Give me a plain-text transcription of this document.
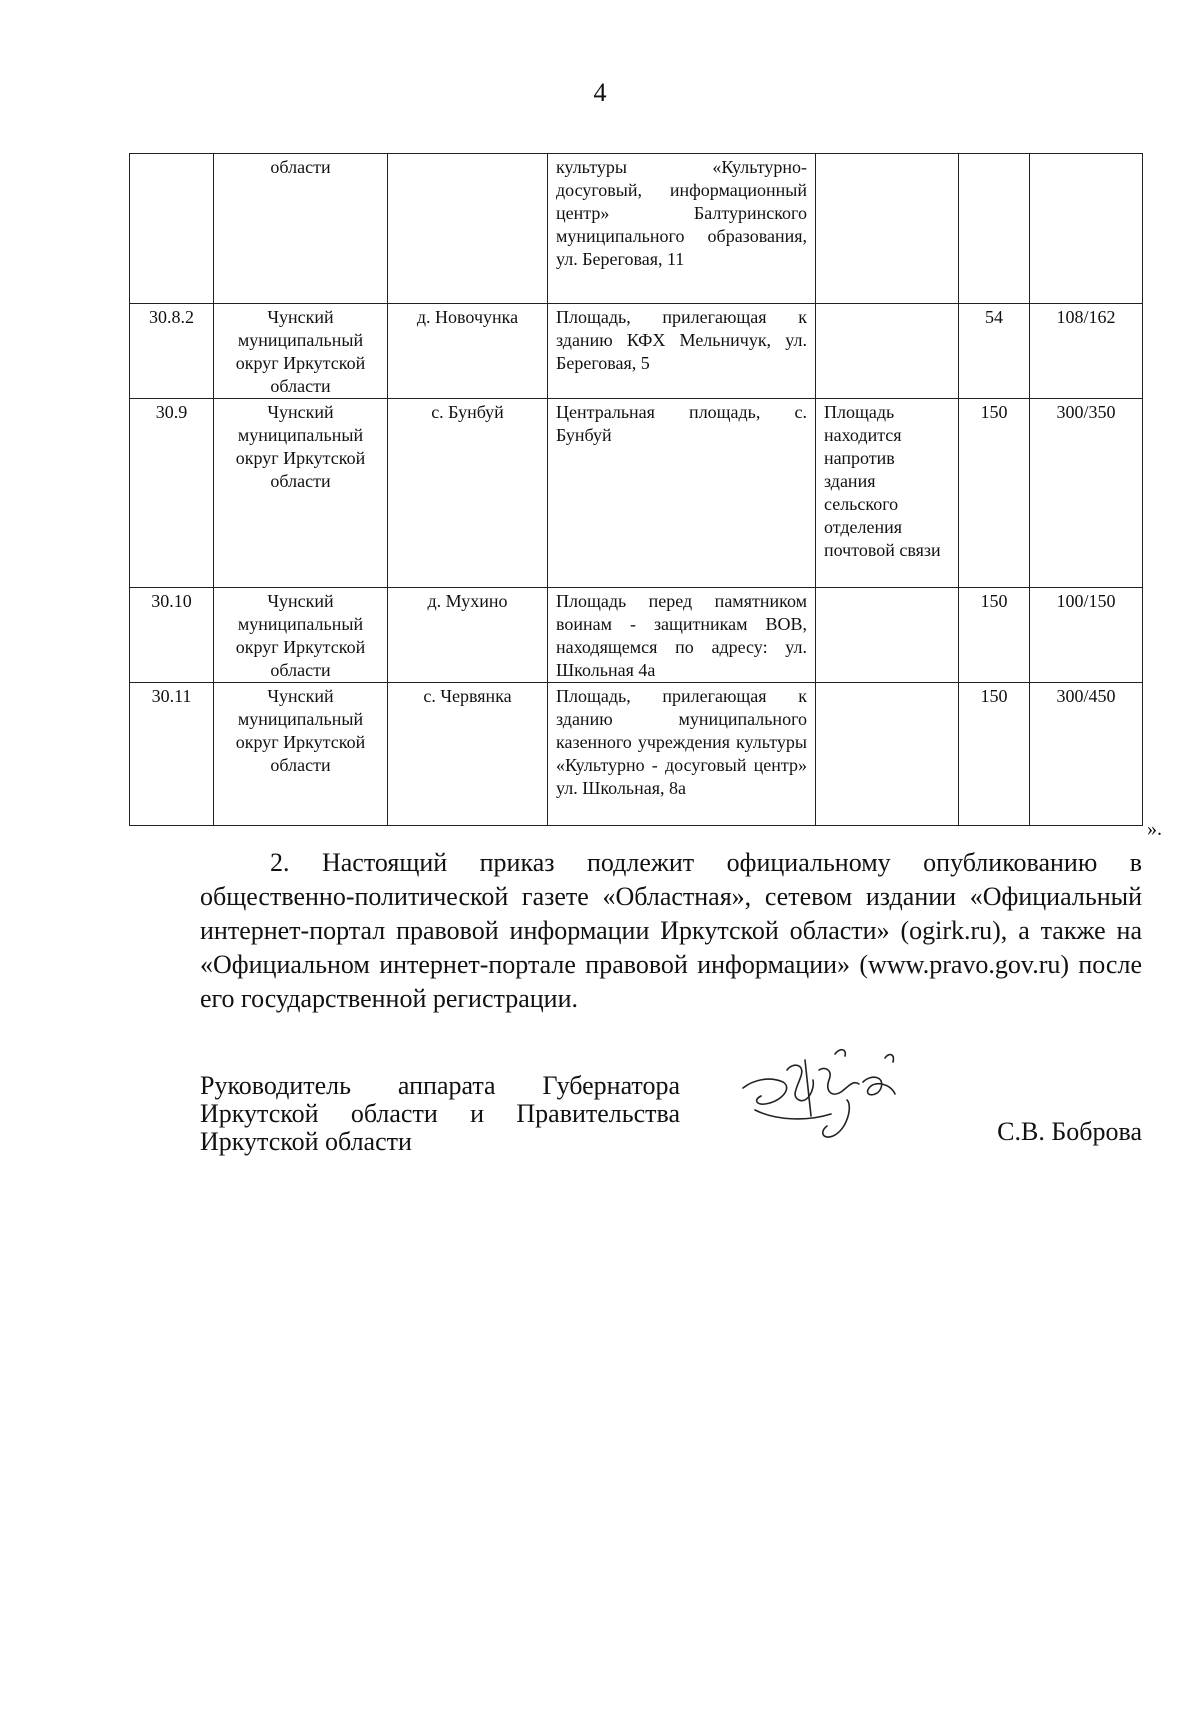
4
	области		культуры «Культурно-досуговый, информационный центр» Балтуринского муниципального образования, ул. Береговая, 11			
30.8.2	Чунский муниципальный округ Иркутской области	д. Новочунка	Площадь, прилегающая к зданию КФХ Мельничук, ул. Береговая, 5		54	108/162
30.9	Чунский муниципальный округ Иркутской области	с. Бунбуй	Центральная площадь, с. Бунбуй	Площадь находится напротив здания сельского отделения почтовой связи	150	300/350
30.10	Чунский муниципальный округ Иркутской области	д. Мухино	Площадь перед памятником воинам - защитникам ВОВ, находящемся по адресу: ул. Школьная 4а		150	100/150
30.11	Чунский муниципальный округ Иркутской области	с. Червянка	Площадь, прилегающая к зданию муниципального казенного учреждения культуры «Культурно - досуговый центр» ул. Школьная, 8а		150	300/450
».
2. Настоящий приказ подлежит официальному опубликованию в общественно-политической газете «Областная», сетевом издании «Официальный интернет-портал правовой информации Иркутской области» (ogirk.ru), а также на «Официальном интернет-портале правовой информации» (www.pravo.gov.ru) после его государственной регистрации.
Руководитель аппарата Губернатора
Иркутской области и Правительства
Иркутской области	С.В. Боброва
